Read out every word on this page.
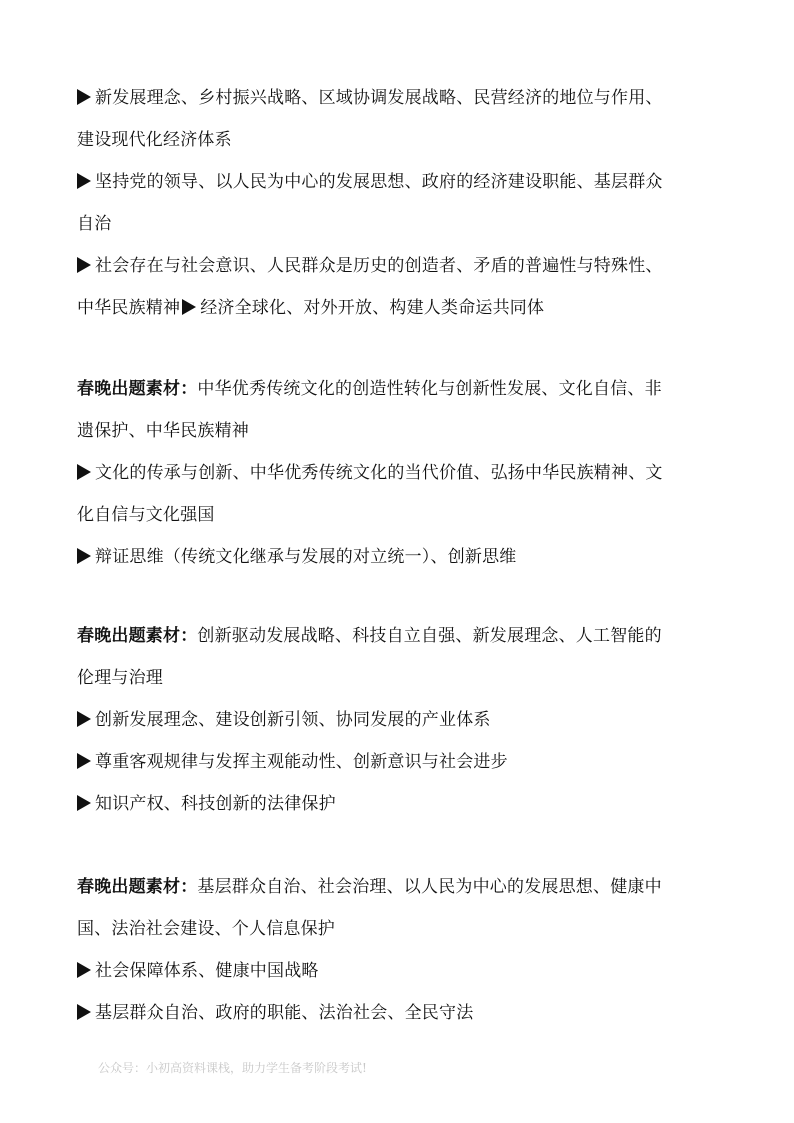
新发展理念、乡村振兴战略、区域协调发展战略、民营经济的地位与作用、
建设现代化经济体系
坚持党的领导、以人民为中心的发展思想、政府的经济建设职能、基层群众
自治
社会存在与社会意识、人民群众是历史的创造者、矛盾的普遍性与特殊性、
中华民族精神 经济全球化、对外开放、构建人类命运共同体
春晚出题素材：中华优秀传统文化的创造性转化与创新性发展、文化自信、非
遗保护、中华民族精神
文化的传承与创新、中华优秀传统文化的当代价值、弘扬中华民族精神、文
化自信与文化强国
辩证思维（传统文化继承与发展的对立统一）、创新思维
春晚出题素材：创新驱动发展战略、科技自立自强、新发展理念、人工智能的
伦理与治理
创新发展理念、建设创新引领、协同发展的产业体系
尊重客观规律与发挥主观能动性、创新意识与社会进步
知识产权、科技创新的法律保护
春晚出题素材：基层群众自治、社会治理、以人民为中心的发展思想、健康中
国、法治社会建设、个人信息保护
社会保障体系、健康中国战略
基层群众自治、政府的职能、法治社会、全民守法
公众号：小初高资料课栈，助力学生备考阶段考试!
